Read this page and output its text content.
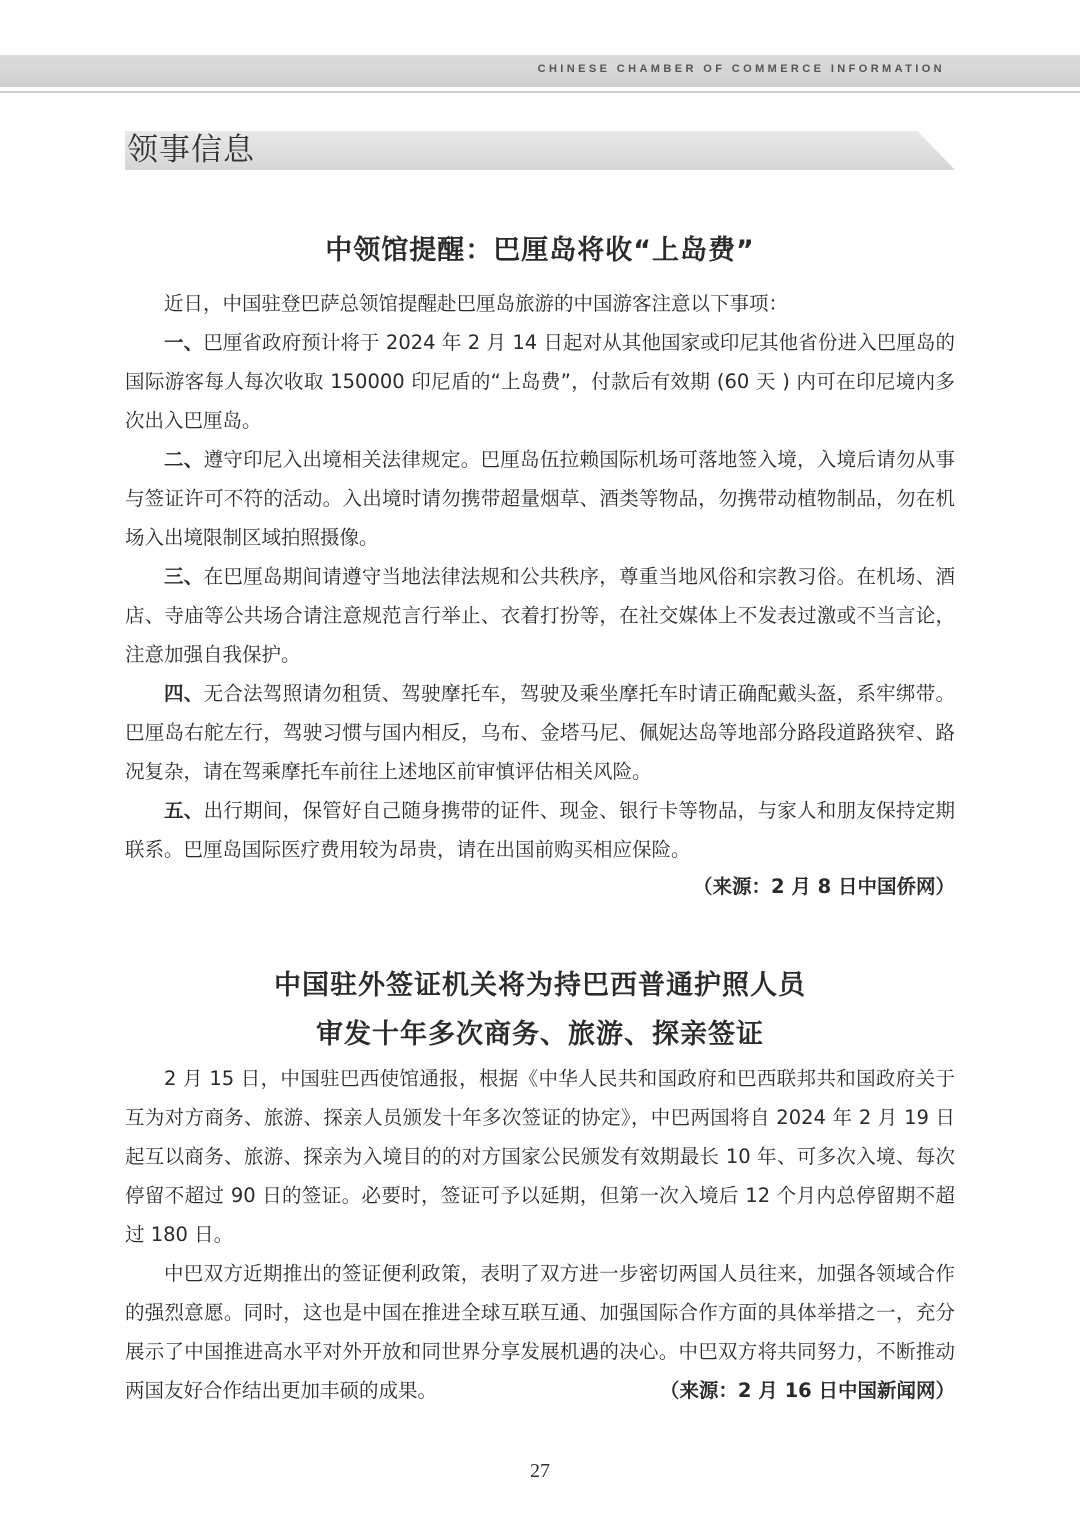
CHINESE CHAMBER OF COMMERCE INFORMATION
领事信息
中领馆提醒：巴厘岛将收“上岛费”

近日，中国驻登巴萨总领馆提醒赴巴厘岛旅游的中国游客注意以下事项：

一、巴厘省政府预计将于 2024 年 2 月 14 日起对从其他国家或印尼其他省份进入巴厘岛的国际游客每人每次收取 150000 印尼盾的“上岛费”，付款后有效期 (60 天 ) 内可在印尼境内多次出入巴厘岛。

二、遵守印尼入出境相关法律规定。巴厘岛伍拉赖国际机场可落地签入境，入境后请勿从事与签证许可不符的活动。入出境时请勿携带超量烟草、酒类等物品，勿携带动植物制品，勿在机场入出境限制区域拍照摄像。

三、在巴厘岛期间请遵守当地法律法规和公共秩序，尊重当地风俗和宗教习俗。在机场、酒店、寺庙等公共场合请注意规范言行举止、衣着打扮等，在社交媒体上不发表过激或不当言论，注意加强自我保护。

四、无合法驾照请勿租赁、驾驶摩托车，驾驶及乘坐摩托车时请正确配戴头盔，系牢绑带。巴厘岛右舵左行，驾驶习惯与国内相反，乌布、金塔马尼、佩妮达岛等地部分路段道路狭窄、路况复杂，请在驾乘摩托车前往上述地区前审慎评估相关风险。

五、出行期间，保管好自己随身携带的证件、现金、银行卡等物品，与家人和朋友保持定期联系。巴厘岛国际医疗费用较为昂贵，请在出国前购买相应保险。

（来源：2 月 8 日中国侨网）
中国驻外签证机关将为持巴西普通护照人员
审发十年多次商务、旅游、探亲签证

2 月 15 日，中国驻巴西使馆通报，根据《中华人民共和国政府和巴西联邦共和国政府关于互为对方商务、旅游、探亲人员颁发十年多次签证的协定》，中巴两国将自 2024 年 2 月 19 日起互以商务、旅游、探亲为入境目的的对方国家公民颁发有效期最长 10 年、可多次入境、每次停留不超过 90 日的签证。必要时，签证可予以延期，但第一次入境后 12 个月内总停留期不超过 180 日。

中巴双方近期推出的签证便利政策，表明了双方进一步密切两国人员往来，加强各领域合作的强烈意愿。同时，这也是中国在推进全球互联互通、加强国际合作方面的具体举措之一，充分展示了中国推进高水平对外开放和同世界分享发展机遇的决心。中巴双方将共同努力，不断推动两国友好合作结出更加丰硕的成果。	（来源：2 月 16 日中国新闻网）

27
